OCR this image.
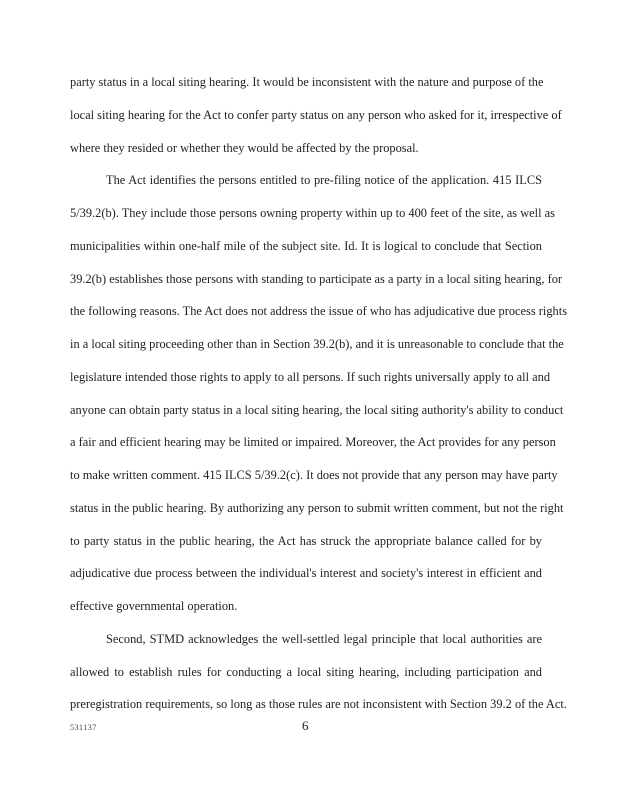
party status in a local siting hearing. It would be inconsistent with the nature and purpose of the
local siting hearing for the Act to confer party status on any person who asked for it, irrespective of
where they resided or whether they would be affected by the proposal.
The Act identifies the persons entitled to pre-filing notice of the application. 415 ILCS
5/39.2(b). They include those persons owning property within up to 400 feet of the site, as well as
municipalities within one-half mile of the subject site. Id. It is logical to conclude that Section
39.2(b) establishes those persons with standing to participate as a party in a local siting hearing, for
the following reasons. The Act does not address the issue of who has adjudicative due process rights
in a local siting proceeding other than in Section 39.2(b), and it is unreasonable to conclude that the
legislature intended those rights to apply to all persons. If such rights universally apply to all and
anyone can obtain party status in a local siting hearing, the local siting authority's ability to conduct
a fair and efficient hearing may be limited or impaired. Moreover, the Act provides for any person
to make written comment. 415 ILCS 5/39.2(c). It does not provide that any person may have party
status in the public hearing. By authorizing any person to submit written comment, but not the right
to party status in the public hearing, the Act has struck the appropriate balance called for by
adjudicative due process between the individual's interest and society's interest in efficient and
effective governmental operation.
Second, STMD acknowledges the well-settled legal principle that local authorities are
allowed to establish rules for conducting a local siting hearing, including participation and
preregistration requirements, so long as those rules are not inconsistent with Section 39.2 of the Act.
531137	6
